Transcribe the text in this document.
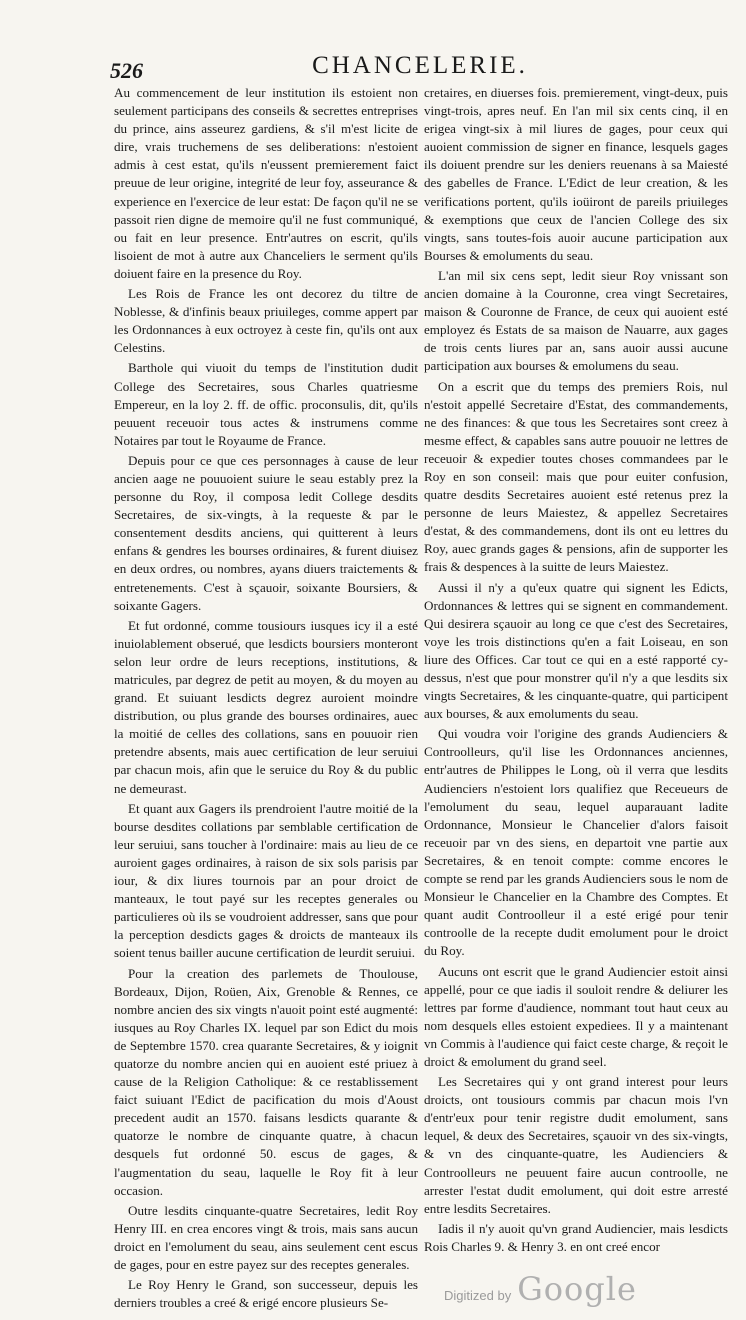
526	CHANCELERIE.

Au commencement de leur institution ils estoient non seulement participans des conseils & secrettes entreprises du prince, ains asseurez gardiens, & s'il m'est licite de dire, vrais truchemens de ses deliberations: n'estoient admis à cest estat, qu'ils n'eussent premierement faict preuue de leur origine, integrité de leur foy, asseurance & experience en l'exercice de leur estat: De façon qu'il ne se passoit rien digne de memoire qu'il ne fust communiqué, ou fait en leur presence. Entr'autres on escrit, qu'ils lisoient de mot à autre aux Chanceliers le serment qu'ils doiuent faire en la presence du Roy.

Les Rois de France les ont decorez du tiltre de Noblesse, & d'infinis beaux priuileges, comme appert par les Ordonnances à eux octroyez à ceste fin, qu'ils ont aux Celestins.

Barthole qui viuoit du temps de l'institution dudit College des Secretaires, sous Charles quatriesme Empereur, en la loy 2. ff. de offic. proconsulis, dit, qu'ils peuuent receuoir tous actes & instrumens comme Notaires par tout le Royaume de France.

Depuis pour ce que ces personnages à cause de leur ancien aage ne pouuoient suiure le seau estably prez la personne du Roy, il composa ledit College desdits Secretaires, de six-vingts, à la requeste & par le consentement desdits anciens, qui quitterent à leurs enfans & gendres les bourses ordinaires, & furent diuisez en deux ordres, ou nombres, ayans diuers traictements & entretenements. C'est à sçauoir, soixante Boursiers, & soixante Gagers.

Et fut ordonné, comme tousiours iusques icy il a esté inuiolablement obserué, que lesdicts boursiers monteront selon leur ordre de leurs receptions, institutions, & matricules, par degrez de petit au moyen, & du moyen au grand. Et suiuant lesdicts degrez auroient moindre distribution, ou plus grande des bourses ordinaires, auec la moitié de celles des collations, sans en pouuoir rien pretendre absents, mais auec certification de leur seruiui par chacun mois, afin que le seruice du Roy & du public ne demeurast.

Et quant aux Gagers ils prendroient l'autre moitié de la bourse desdites collations par semblable certification de leur seruiui, sans toucher à l'ordinaire: mais au lieu de ce auroient gages ordinaires, à raison de six sols parisis par iour, & dix liures tournois par an pour droict de manteaux, le tout payé sur les receptes generales ou particulieres où ils se voudroient addresser, sans que pour la perception desdicts gages & droicts de manteaux ils soient tenus bailler aucune certification de leurdit seruiui.

Pour la creation des parlemets de Thoulouse, Bordeaux, Dijon, Roüen, Aix, Grenoble & Rennes, ce nombre ancien des six vingts n'auoit point esté augmenté: iusques au Roy Charles IX. lequel par son Edict du mois de Septembre 1570. crea quarante Secretaires, & y ioignit quatorze du nombre ancien qui en auoient esté priuez à cause de la Religion Catholique: & ce restablissement faict suiuant l'Edict de pacification du mois d'Aoust precedent audit an 1570. faisans lesdicts quarante & quatorze le nombre de cinquante quatre, à chacun desquels fut ordonné 50. escus de gages, & l'augmentation du seau, laquelle le Roy fit à leur occasion.

Outre lesdits cinquante-quatre Secretaires, ledit Roy Henry III. en crea encores vingt & trois, mais sans aucun droict en l'emolument du seau, ains seulement cent escus de gages, pour en estre payez sur des receptes generales.

Le Roy Henry le Grand, son successeur, depuis les derniers troubles a creé & erigé encore plusieurs Se-

cretaires, en diuerses fois. premierement, vingt-deux, puis vingt-trois, apres neuf. En l'an mil six cents cinq, il en erigea vingt-six à mil liures de gages, pour ceux qui auoient commission de signer en finance, lesquels gages ils doiuent prendre sur les deniers reuenans à sa Maiesté des gabelles de France. L'Edict de leur creation, & les verifications portent, qu'ils ioüiront de pareils priuileges & exemptions que ceux de l'ancien College des six vingts, sans toutes-fois auoir aucune participation aux Bourses & emoluments du seau.

L'an mil six cens sept, ledit sieur Roy vnissant son ancien domaine à la Couronne, crea vingt Secretaires, maison & Couronne de France, de ceux qui auoient esté employez és Estats de sa maison de Nauarre, aux gages de trois cents liures par an, sans auoir aussi aucune participation aux bourses & emolumens du seau.

On a escrit que du temps des premiers Rois, nul n'estoit appellé Secretaire d'Estat, des commandements, ne des finances: & que tous les Secretaires sont creez à mesme effect, & capables sans autre pouuoir ne lettres de receuoir & expedier toutes choses commandees par le Roy en son conseil: mais que pour euiter confusion, quatre desdits Secretaires auoient esté retenus prez la personne de leurs Maiestez, & appellez Secretaires d'estat, & des commandemens, dont ils ont eu lettres du Roy, auec grands gages & pensions, afin de supporter les frais & despences à la suitte de leurs Maiestez.

Aussi il n'y a qu'eux quatre qui signent les Edicts, Ordonnances & lettres qui se signent en commandement. Qui desirera sçauoir au long ce que c'est des Secretaires, voye les trois distinctions qu'en a fait Loiseau, en son liure des Offices. Car tout ce qui en a esté rapporté cy-dessus, n'est que pour monstrer qu'il n'y a que lesdits six vingts Secretaires, & les cinquante-quatre, qui participent aux bourses, & aux emoluments du seau.

Qui voudra voir l'origine des grands Audienciers & Controolleurs, qu'il lise les Ordonnances anciennes, entr'autres de Philippes le Long, où il verra que lesdits Audienciers n'estoient lors qualifiez que Receueurs de l'emolument du seau, lequel auparauant ladite Ordonnance, Monsieur le Chancelier d'alors faisoit receuoir par vn des siens, en departoit vne partie aux Secretaires, & en tenoit compte: comme encores le compte se rend par les grands Audienciers sous le nom de Monsieur le Chancelier en la Chambre des Comptes. Et quant audit Controolleur il a esté erigé pour tenir controolle de la recepte dudit emolument pour le droict du Roy.

Aucuns ont escrit que le grand Audiencier estoit ainsi appellé, pour ce que iadis il souloit rendre & deliurer les lettres par forme d'audience, nommant tout haut ceux au nom desquels elles estoient expediees. Il y a maintenant vn Commis à l'audience qui faict ceste charge, & reçoit le droict & emolument du grand seel.

Les Secretaires qui y ont grand interest pour leurs droicts, ont tousiours commis par chacun mois l'vn d'entr'eux pour tenir registre dudit emolument, sans lequel, & deux des Secretaires, sçauoir vn des six-vingts, & vn des cinquante-quatre, les Audienciers & Controolleurs ne peuuent faire aucun controolle, ne arrester l'estat dudit emolument, qui doit estre arresté entre lesdits Secretaires.

Iadis il n'y auoit qu'vn grand Audiencier, mais lesdicts Rois Charles 9. & Henry 3. en ont creé encor

Digitized by Google
